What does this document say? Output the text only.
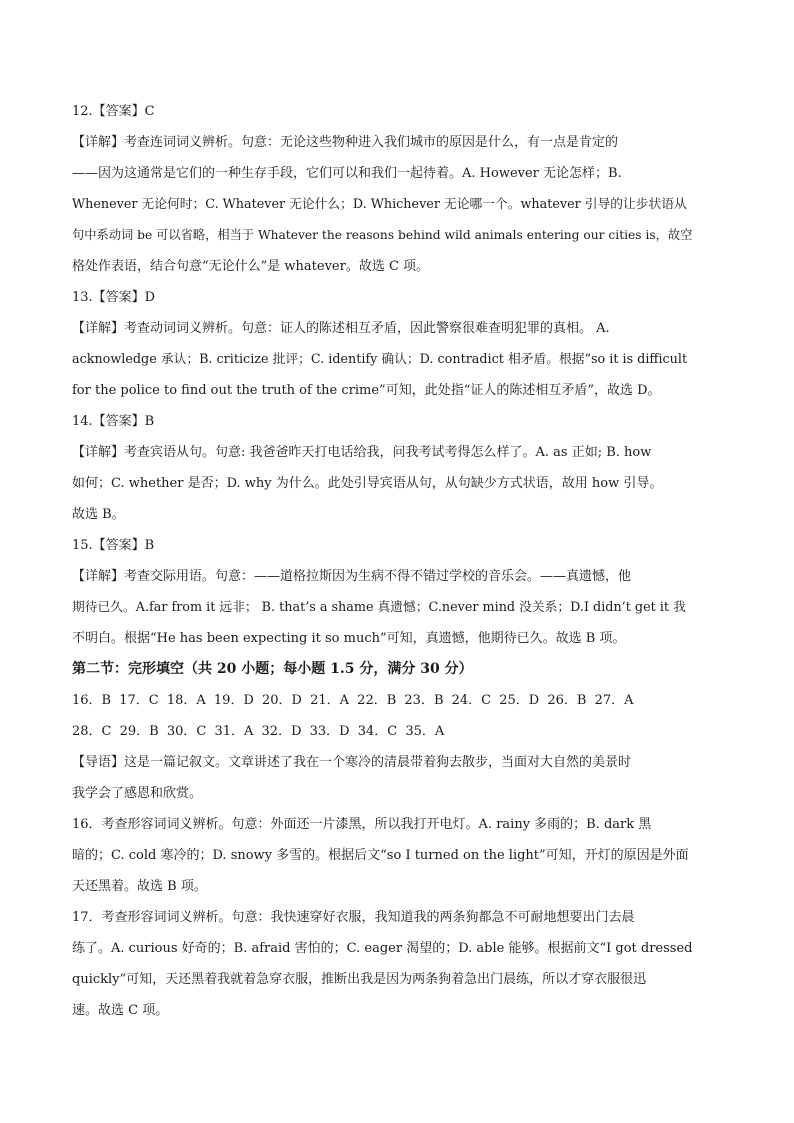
12.【答案】C
【详解】考查连词词义辨析。句意：无论这些物种进入我们城市的原因是什么，有一点是肯定的
——因为这通常是它们的一种生存手段，它们可以和我们一起待着。A. However 无论怎样；B.
Whenever 无论何时；C. Whatever 无论什么；D. Whichever 无论哪一个。whatever 引导的让步状语从
句中系动词 be 可以省略，相当于 Whatever the reasons behind wild animals entering our cities is，故空
格处作表语，结合句意“无论什么”是 whatever。故选 C 项。
13.【答案】D
【详解】考查动词词义辨析。句意：证人的陈述相互矛盾，因此警察很难查明犯罪的真相。 A.
acknowledge 承认；B. criticize 批评；C. identify 确认；D. contradict 相矛盾。根据“so it is difficult
for the police to find out the truth of the crime”可知，此处指“证人的陈述相互矛盾”，故选 D。
14.【答案】B
【详解】考查宾语从句。句意: 我爸爸昨天打电话给我，问我考试考得怎么样了。A. as 正如; B. how
如何；C. whether 是否；D. why 为什么。此处引导宾语从句，从句缺少方式状语，故用 how 引导。
故选 B。
15.【答案】B
【详解】考查交际用语。句意：——道格拉斯因为生病不得不错过学校的音乐会。——真遗憾，他
期待已久。A.far from it 远非； B. that’s a shame 真遗憾；C.never mind 没关系；D.I didn’t get it 我
不明白。根据“He has been expecting it so much”可知，真遗憾，他期待已久。故选 B 项。
第二节：完形填空（共 20 小题；每小题 1.5 分，满分 30 分）
16．B 17．C 18．A 19．D 20．D 21．A 22．B 23．B 24．C 25．D 26．B 27．A
28．C 29．B 30．C 31．A 32．D 33．D 34．C 35．A
【导语】这是一篇记叙文。文章讲述了我在一个寒冷的清晨带着狗去散步，当面对大自然的美景时
我学会了感恩和欣赏。
16．考查形容词词义辨析。句意：外面还一片漆黑，所以我打开电灯。A. rainy 多雨的；B. dark 黑
暗的；C. cold 寒冷的；D. snowy 多雪的。根据后文“so I turned on the light”可知，开灯的原因是外面
天还黑着。故选 B 项。
17．考查形容词词义辨析。句意：我快速穿好衣服，我知道我的两条狗都急不可耐地想要出门去晨
练了。A. curious 好奇的；B. afraid 害怕的；C. eager 渴望的；D. able 能够。根据前文“I got dressed
quickly”可知，天还黑着我就着急穿衣服，推断出我是因为两条狗着急出门晨练，所以才穿衣服很迅
速。故选 C 项。
